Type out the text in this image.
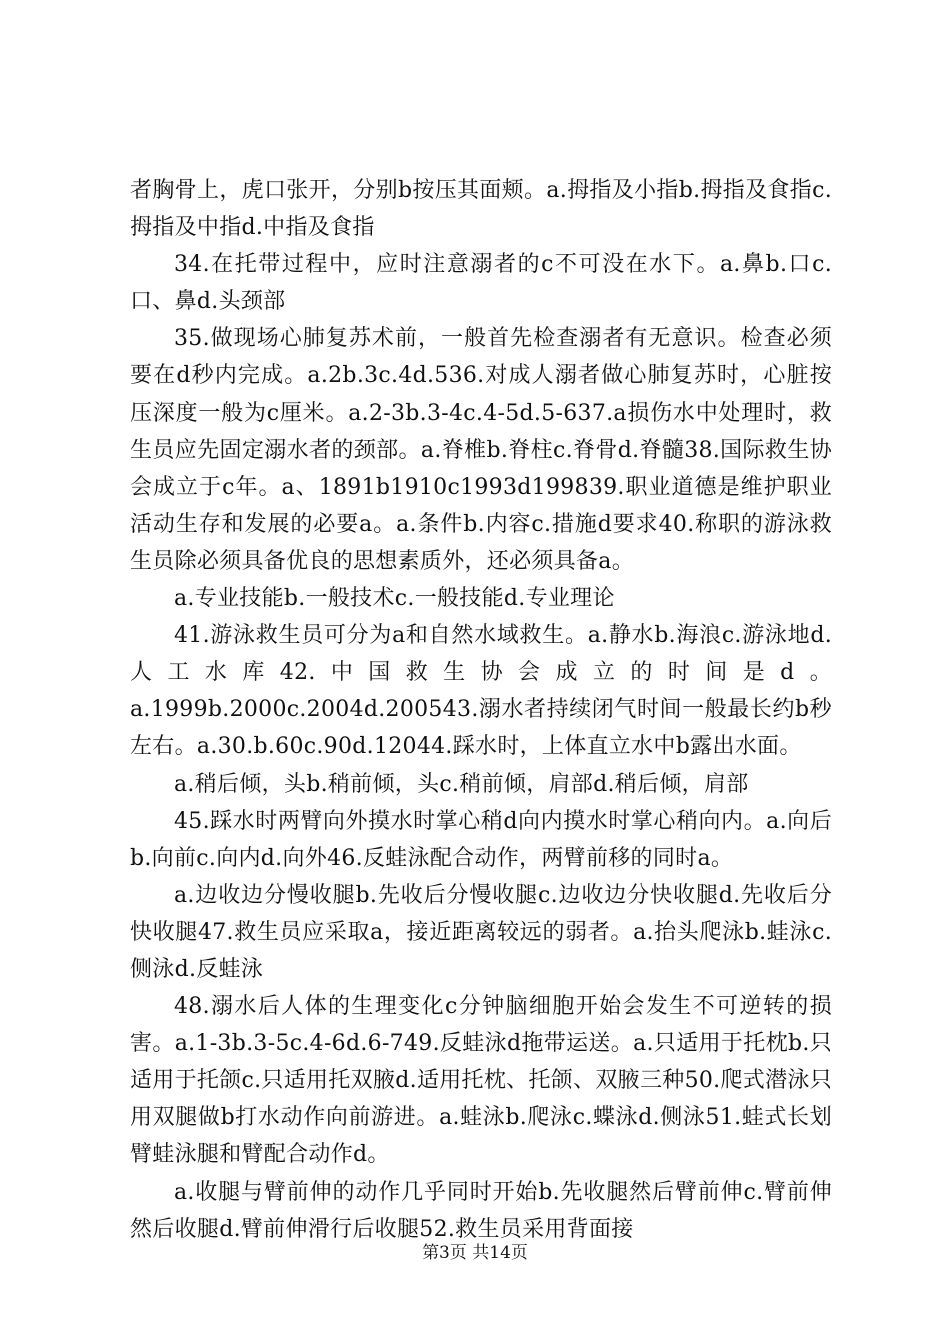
者胸骨上，虎口张开，分别b按压其面颊。a.拇指及小指b.拇指及食指c.拇指及中指d.中指及食指

34.在托带过程中，应时注意溺者的c不可没在水下。a.鼻b.口c.口、鼻d.头颈部

35.做现场心肺复苏术前，一般首先检查溺者有无意识。检查必须要在d秒内完成。a.2b.3c.4d.536.对成人溺者做心肺复苏时，心脏按压深度一般为c厘米。a.2-3b.3-4c.4-5d.5-637.a损伤水中处理时，救生员应先固定溺水者的颈部。a.脊椎b.脊柱c.脊骨d.脊髓38.国际救生协会成立于c年。a、1891b1910c1993d199839.职业道德是维护职业活动生存和发展的必要a。a.条件b.内容c.措施d要求40.称职的游泳救生员除必须具备优良的思想素质外，还必须具备a。

a.专业技能b.一般技术c.一般技能d.专业理论

41.游泳救生员可分为a和自然水域救生。a.静水b.海浪c.游泳地d.人工水库42.中国救生协会成立的时间是d。a.1999b.2000c.2004d.200543.溺水者持续闭气时间一般最长约b秒左右。a.30.b.60c.90d.12044.踩水时，上体直立水中b露出水面。

a.稍后倾，头b.稍前倾，头c.稍前倾，肩部d.稍后倾，肩部

45.踩水时两臂向外摸水时掌心稍d向内摸水时掌心稍向内。a.向后b.向前c.向内d.向外46.反蛙泳配合动作，两臂前移的同时a。

a.边收边分慢收腿b.先收后分慢收腿c.边收边分快收腿d.先收后分快收腿47.救生员应采取a，接近距离较远的弱者。a.抬头爬泳b.蛙泳c.侧泳d.反蛙泳

48.溺水后人体的生理变化c分钟脑细胞开始会发生不可逆转的损害。a.1-3b.3-5c.4-6d.6-749.反蛙泳d拖带运送。a.只适用于托枕b.只适用于托颌c.只适用托双腋d.适用托枕、托颌、双腋三种50.爬式潜泳只用双腿做b打水动作向前游进。a.蛙泳b.爬泳c.蝶泳d.侧泳51.蛙式长划臂蛙泳腿和臂配合动作d。

a.收腿与臂前伸的动作几乎同时开始b.先收腿然后臂前伸c.臂前伸然后收腿d.臂前伸滑行后收腿52.救生员采用背面接

第3页 共14页
